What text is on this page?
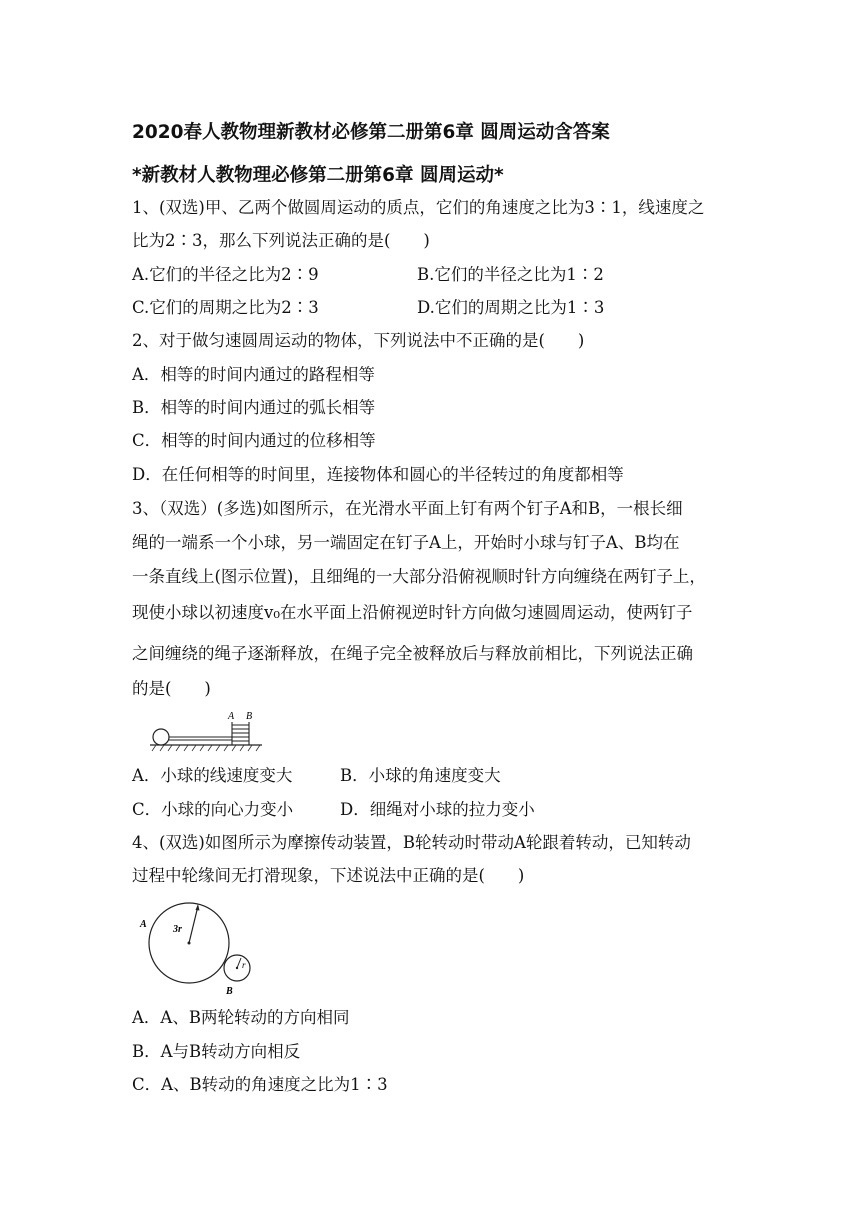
2020春人教物理新教材必修第二册第6章 圆周运动含答案
*新教材人教物理必修第二册第6章 圆周运动*
1、(双选)甲、乙两个做圆周运动的质点，它们的角速度之比为3∶1，线速度之
比为2∶3，那么下列说法正确的是(　　)
A.它们的半径之比为2∶9	B.它们的半径之比为1∶2
C.它们的周期之比为2∶3	D.它们的周期之比为1∶3
2、对于做匀速圆周运动的物体，下列说法中不正确的是(　　)
A．相等的时间内通过的路程相等
B．相等的时间内通过的弧长相等
C．相等的时间内通过的位移相等
D．在任何相等的时间里，连接物体和圆心的半径转过的角度都相等
3、（双选）(多选)如图所示，在光滑水平面上钉有两个钉子A和B，一根长细
绳的一端系一个小球，另一端固定在钉子A上，开始时小球与钉子A、B均在
一条直线上(图示位置)，且细绳的一大部分沿俯视顺时针方向缠绕在两钉子上，
现使小球以初速度v₀在水平面上沿俯视逆时针方向做匀速圆周运动，使两钉子
之间缠绕的绳子逐渐释放，在绳子完全被释放后与释放前相比，下列说法正确
的是(　　)
A B
A．小球的线速度变大	B．小球的角速度变大
C．小球的向心力变小	D．细绳对小球的拉力变小
4、(双选)如图所示为摩擦传动装置，B轮转动时带动A轮跟着转动，已知转动
过程中轮缘间无打滑现象，下述说法中正确的是(　　)
3r
r
A
B
A．A、B两轮转动的方向相同
B．A与B转动方向相反
C．A、B转动的角速度之比为1∶3
